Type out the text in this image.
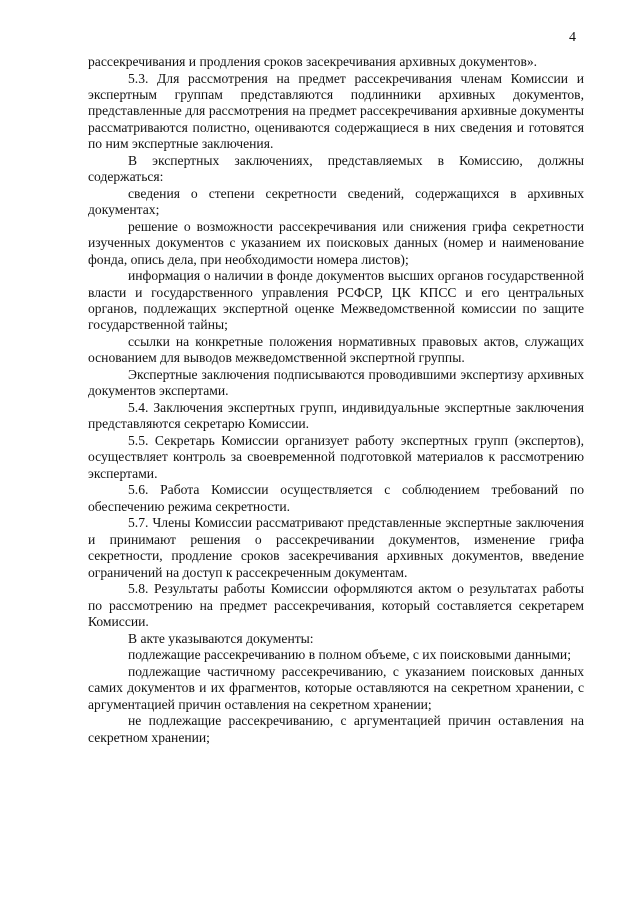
4

рассекречивания и продления сроков засекречивания архивных документов».

5.3. Для рассмотрения на предмет рассекречивания членам Комиссии и экспертным группам представляются подлинники архивных документов, представленные для рассмотрения на предмет рассекречивания архивные документы рассматриваются полистно, оцениваются содержащиеся в них сведения и готовятся по ним экспертные заключения.

В экспертных заключениях, представляемых в Комиссию, должны содержаться:

сведения о степени секретности сведений, содержащихся в архивных документах;

решение о возможности рассекречивания или снижения грифа секретности изученных документов с указанием их поисковых данных (номер и наименование фонда, опись дела, при необходимости номера листов);

информация о наличии в фонде документов высших органов государственной власти и государственного управления РСФСР, ЦК КПСС и его центральных органов, подлежащих экспертной оценке Межведомственной комиссии по защите государственной тайны;

ссылки на конкретные положения нормативных правовых актов, служащих основанием для выводов межведомственной экспертной группы.

Экспертные заключения подписываются проводившими экспертизу архивных документов экспертами.

5.4. Заключения экспертных групп, индивидуальные экспертные заключения представляются секретарю Комиссии.

5.5. Секретарь Комиссии организует работу экспертных групп (экспертов), осуществляет контроль за своевременной подготовкой материалов к рассмотрению экспертами.

5.6. Работа Комиссии осуществляется с соблюдением требований по обеспечению режима секретности.

5.7. Члены Комиссии рассматривают представленные экспертные заключения и принимают решения о рассекречивании документов, изменение грифа секретности, продление сроков засекречивания архивных документов, введение ограничений на доступ к рассекреченным документам.

5.8. Результаты работы Комиссии оформляются актом о результатах работы по рассмотрению на предмет рассекречивания, который составляется секретарем Комиссии.

В акте указываются документы:

подлежащие рассекречиванию в полном объеме, с их поисковыми данными;

подлежащие частичному рассекречиванию, с указанием поисковых данных самих документов и их фрагментов, которые оставляются на секретном хранении, с аргументацией причин оставления на секретном хранении;

не подлежащие рассекречиванию, с аргументацией причин оставления на секретном хранении;
